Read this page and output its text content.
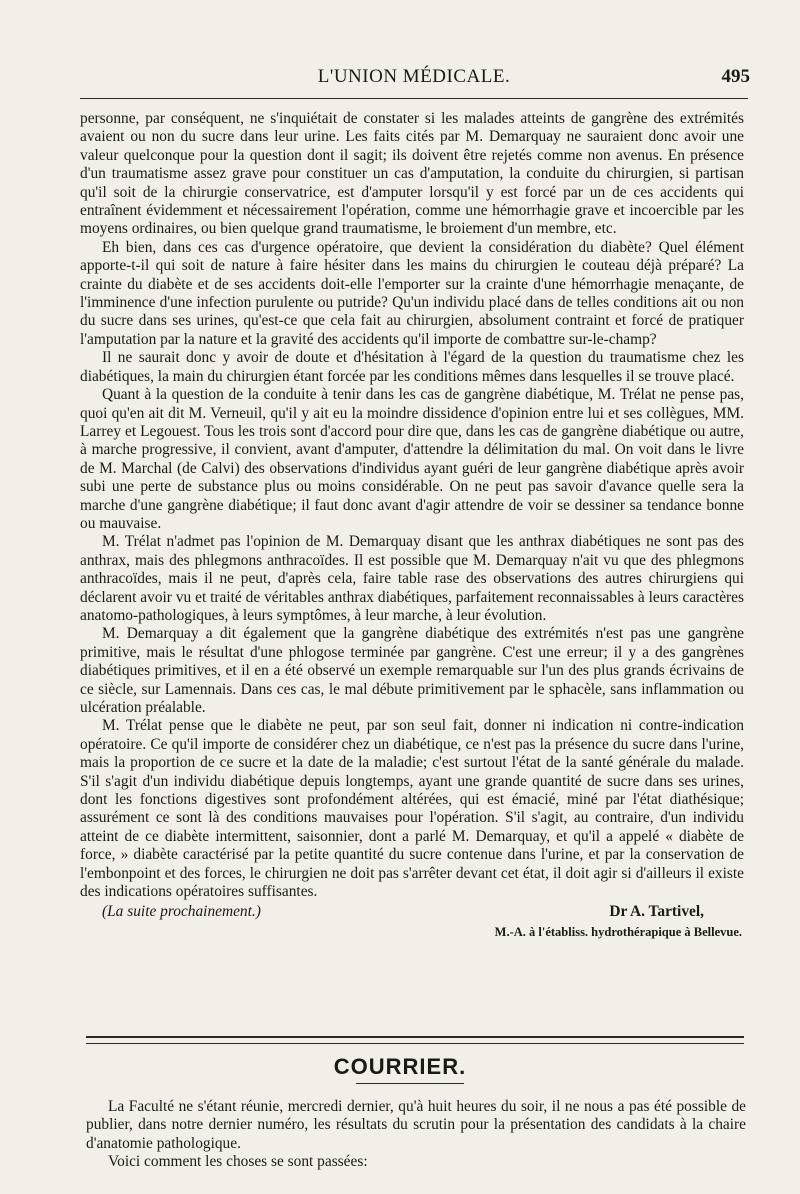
L'UNION MÉDICALE.	495

personne, par conséquent, ne s'inquiétait de constater si les malades atteints de gangrène des extrémités avaient ou non du sucre dans leur urine. Les faits cités par M. Demarquay ne sauraient donc avoir une valeur quelconque pour la question dont il sagit; ils doivent être rejetés comme non avenus. En présence d'un traumatisme assez grave pour constituer un cas d'amputation, la conduite du chirurgien, si partisan qu'il soit de la chirurgie conservatrice, est d'amputer lorsqu'il y est forcé par un de ces accidents qui entraînent évidemment et nécessairement l'opération, comme une hémorrhagie grave et incoercible par les moyens ordinaires, ou bien quelque grand traumatisme, le broiement d'un membre, etc.

Eh bien, dans ces cas d'urgence opératoire, que devient la considération du diabète? Quel élément apporte-t-il qui soit de nature à faire hésiter dans les mains du chirurgien le couteau déjà préparé? La crainte du diabète et de ses accidents doit-elle l'emporter sur la crainte d'une hémorrhagie menaçante, de l'imminence d'une infection purulente ou putride? Qu'un individu placé dans de telles conditions ait ou non du sucre dans ses urines, qu'est-ce que cela fait au chirurgien, absolument contraint et forcé de pratiquer l'amputation par la nature et la gravité des accidents qu'il importe de combattre sur-le-champ?

Il ne saurait donc y avoir de doute et d'hésitation à l'égard de la question du traumatisme chez les diabétiques, la main du chirurgien étant forcée par les conditions mêmes dans lesquelles il se trouve placé.

Quant à la question de la conduite à tenir dans les cas de gangrène diabétique, M. Trélat ne pense pas, quoi qu'en ait dit M. Verneuil, qu'il y ait eu la moindre dissidence d'opinion entre lui et ses collègues, MM. Larrey et Legouest. Tous les trois sont d'accord pour dire que, dans les cas de gangrène diabétique ou autre, à marche progressive, il convient, avant d'amputer, d'attendre la délimitation du mal. On voit dans le livre de M. Marchal (de Calvi) des observations d'individus ayant guéri de leur gangrène diabétique après avoir subi une perte de substance plus ou moins considérable. On ne peut pas savoir d'avance quelle sera la marche d'une gangrène diabétique; il faut donc avant d'agir attendre de voir se dessiner sa tendance bonne ou mauvaise.

M. Trélat n'admet pas l'opinion de M. Demarquay disant que les anthrax diabétiques ne sont pas des anthrax, mais des phlegmons anthracoïdes. Il est possible que M. Demarquay n'ait vu que des phlegmons anthracoïdes, mais il ne peut, d'après cela, faire table rase des observations des autres chirurgiens qui déclarent avoir vu et traité de véritables anthrax diabétiques, parfaitement reconnaissables à leurs caractères anatomo-pathologiques, à leurs symptômes, à leur marche, à leur évolution.

M. Demarquay a dit également que la gangrène diabétique des extrémités n'est pas une gangrène primitive, mais le résultat d'une phlogose terminée par gangrène. C'est une erreur; il y a des gangrènes diabétiques primitives, et il en a été observé un exemple remarquable sur l'un des plus grands écrivains de ce siècle, sur Lamennais. Dans ces cas, le mal débute primitivement par le sphacèle, sans inflammation ou ulcération préalable.

M. Trélat pense que le diabète ne peut, par son seul fait, donner ni indication ni contre-indication opératoire. Ce qu'il importe de considérer chez un diabétique, ce n'est pas la présence du sucre dans l'urine, mais la proportion de ce sucre et la date de la maladie; c'est surtout l'état de la santé générale du malade. S'il s'agit d'un individu diabétique depuis longtemps, ayant une grande quantité de sucre dans ses urines, dont les fonctions digestives sont profondément altérées, qui est émacié, miné par l'état diathésique; assurément ce sont là des conditions mauvaises pour l'opération. S'il s'agit, au contraire, d'un individu atteint de ce diabète intermittent, saisonnier, dont a parlé M. Demarquay, et qu'il a appelé « diabète de force, » diabète caractérisé par la petite quantité du sucre contenue dans l'urine, et par la conservation de l'embonpoint et des forces, le chirurgien ne doit pas s'arrêter devant cet état, il doit agir si d'ailleurs il existe des indications opératoires suffisantes.

(La suite prochainement.)	Dr A. Tartivel,
M.-A. à l'établiss. hydrothérapique à Bellevue.
COURRIER.

La Faculté ne s'étant réunie, mercredi dernier, qu'à huit heures du soir, il ne nous a pas été possible de publier, dans notre dernier numéro, les résultats du scrutin pour la présentation des candidats à la chaire d'anatomie pathologique.

Voici comment les choses se sont passées:
